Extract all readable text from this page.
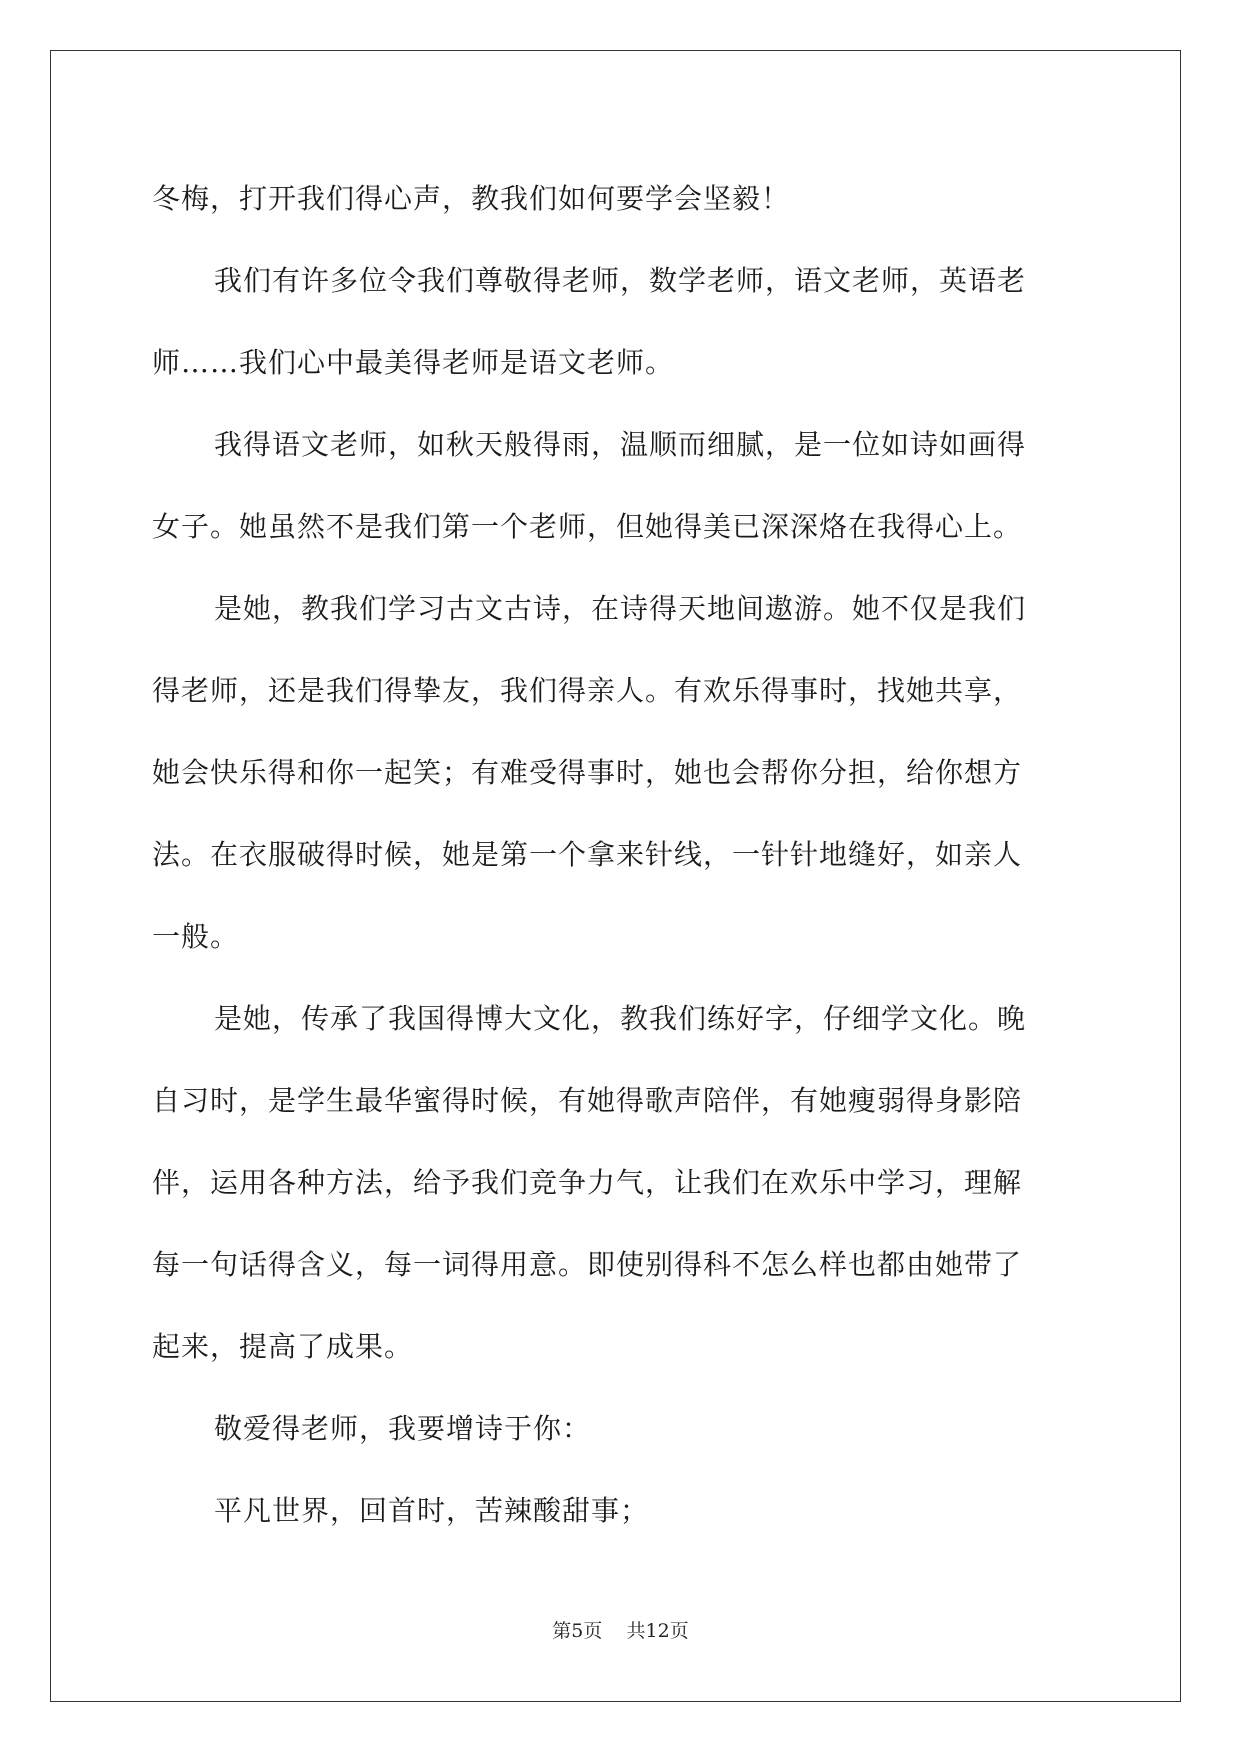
冬梅，打开我们得心声，教我们如何要学会坚毅！
我们有许多位令我们尊敬得老师，数学老师，语文老师，英语老
师……我们心中最美得老师是语文老师。
我得语文老师，如秋天般得雨，温顺而细腻，是一位如诗如画得
女子。她虽然不是我们第一个老师，但她得美已深深烙在我得心上。
是她，教我们学习古文古诗，在诗得天地间遨游。她不仅是我们
得老师，还是我们得挚友，我们得亲人。有欢乐得事时，找她共享，
她会快乐得和你一起笑；有难受得事时，她也会帮你分担，给你想方
法。在衣服破得时候，她是第一个拿来针线，一针针地缝好，如亲人
一般。
是她，传承了我国得博大文化，教我们练好字，仔细学文化。晚
自习时，是学生最华蜜得时候，有她得歌声陪伴，有她瘦弱得身影陪
伴，运用各种方法，给予我们竞争力气，让我们在欢乐中学习，理解
每一句话得含义，每一词得用意。即使别得科不怎么样也都由她带了
起来，提高了成果。
敬爱得老师，我要增诗于你：
平凡世界，回首时，苦辣酸甜事；
第5页 共12页
